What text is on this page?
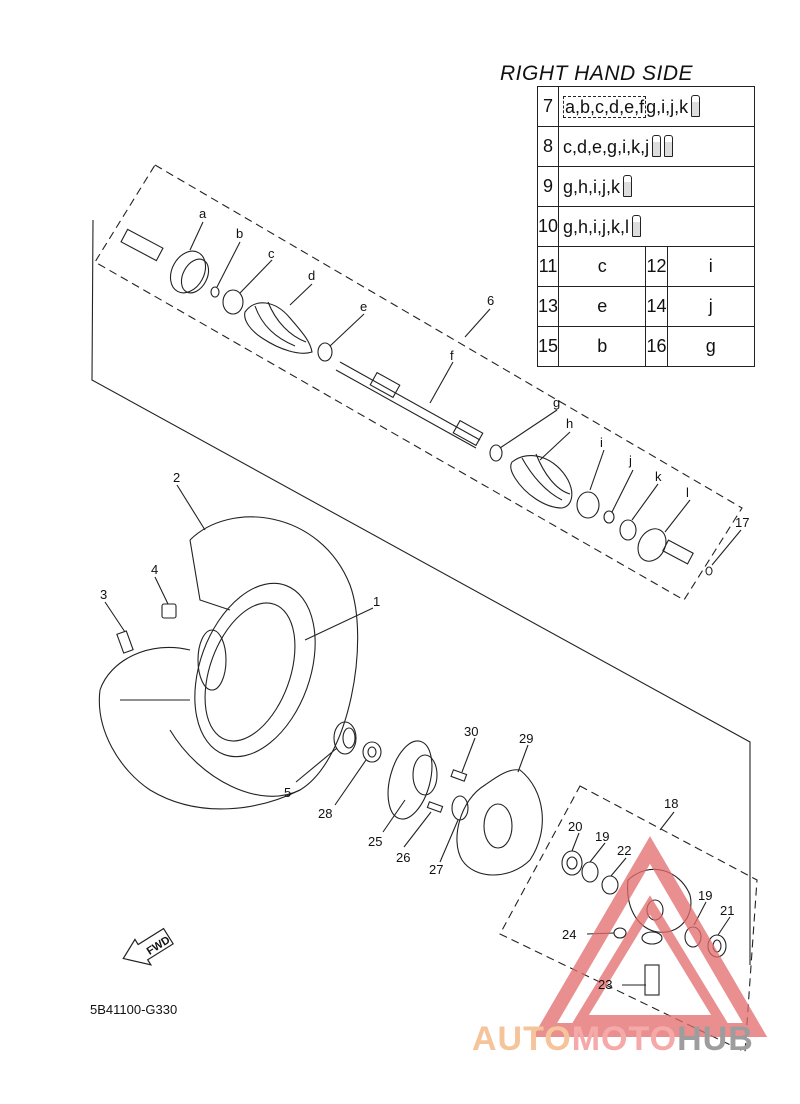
FWD
a
b
c
d
e
f
g
h
i
j
k
l
6
17
1
2
3
4
5
28
25
26
27
30	29
18
20
19
22
19
21
24
23
RIGHT HAND SIDE
7	a,b,c,d,e,f g,i,j,k		
8	c,d,e,g,i,k,j		
9	g,h,i,j,k		
10	g,h,i,j,k,l		
11	c	12	i
13	e	14	j
15	b	16	g
5B41100-G330
AUTOMOTOHUB
